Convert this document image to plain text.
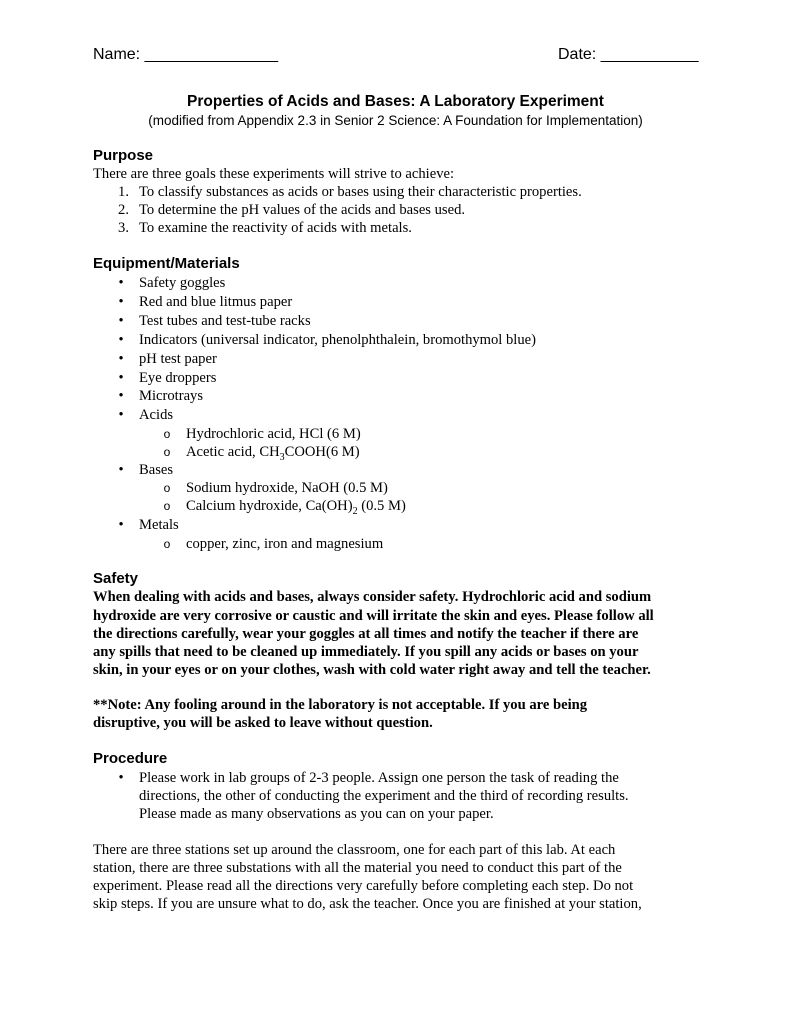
Name: _______________	Date: ___________
Properties of Acids and Bases: A Laboratory Experiment
(modified from Appendix 2.3 in Senior 2 Science: A Foundation for Implementation)
Purpose
There are three goals these experiments will strive to achieve:
1. To classify substances as acids or bases using their characteristic properties.
2. To determine the pH values of the acids and bases used.
3. To examine the reactivity of acids with metals.
Equipment/Materials
•	Safety goggles
•	Red and blue litmus paper
•	Test tubes and test-tube racks
•	Indicators (universal indicator, phenolphthalein, bromothymol blue)
•	pH test paper
•	Eye droppers
•	Microtrays
•	Acids
o Hydrochloric acid, HCl (6 M)
o Acetic acid, $CH_3COOH(6$ M)
•	Bases
o Sodium hydroxide, NaOH (0.5 M)
o Calcium hydroxide, $Ca(OH)_2$ (0.5 M)
•	Metals
o copper, zinc, iron and magnesium
Safety
When dealing with acids and bases, always consider safety. Hydrochloric acid and sodium
hydroxide are very corrosive or caustic and will irritate the skin and eyes. Please follow all
the directions carefully, wear your goggles at all times and notify the teacher if there are
any spills that need to be cleaned up immediately. If you spill any acids or bases on your
skin, in your eyes or on your clothes, wash with cold water right away and tell the teacher.
**Note: Any fooling around in the laboratory is not acceptable. If you are being
disruptive, you will be asked to leave without question.
Procedure
•	Please work in lab groups of 2-3 people. Assign one person the task of reading the
directions, the other of conducting the experiment and the third of recording results.
Please made as many observations as you can on your paper.
There are three stations set up around the classroom, one for each part of this lab. At each
station, there are three substations with all the material you need to conduct this part of the
experiment. Please read all the directions very carefully before completing each step. Do not
skip steps. If you are unsure what to do, ask the teacher. Once you are finished at your station,
